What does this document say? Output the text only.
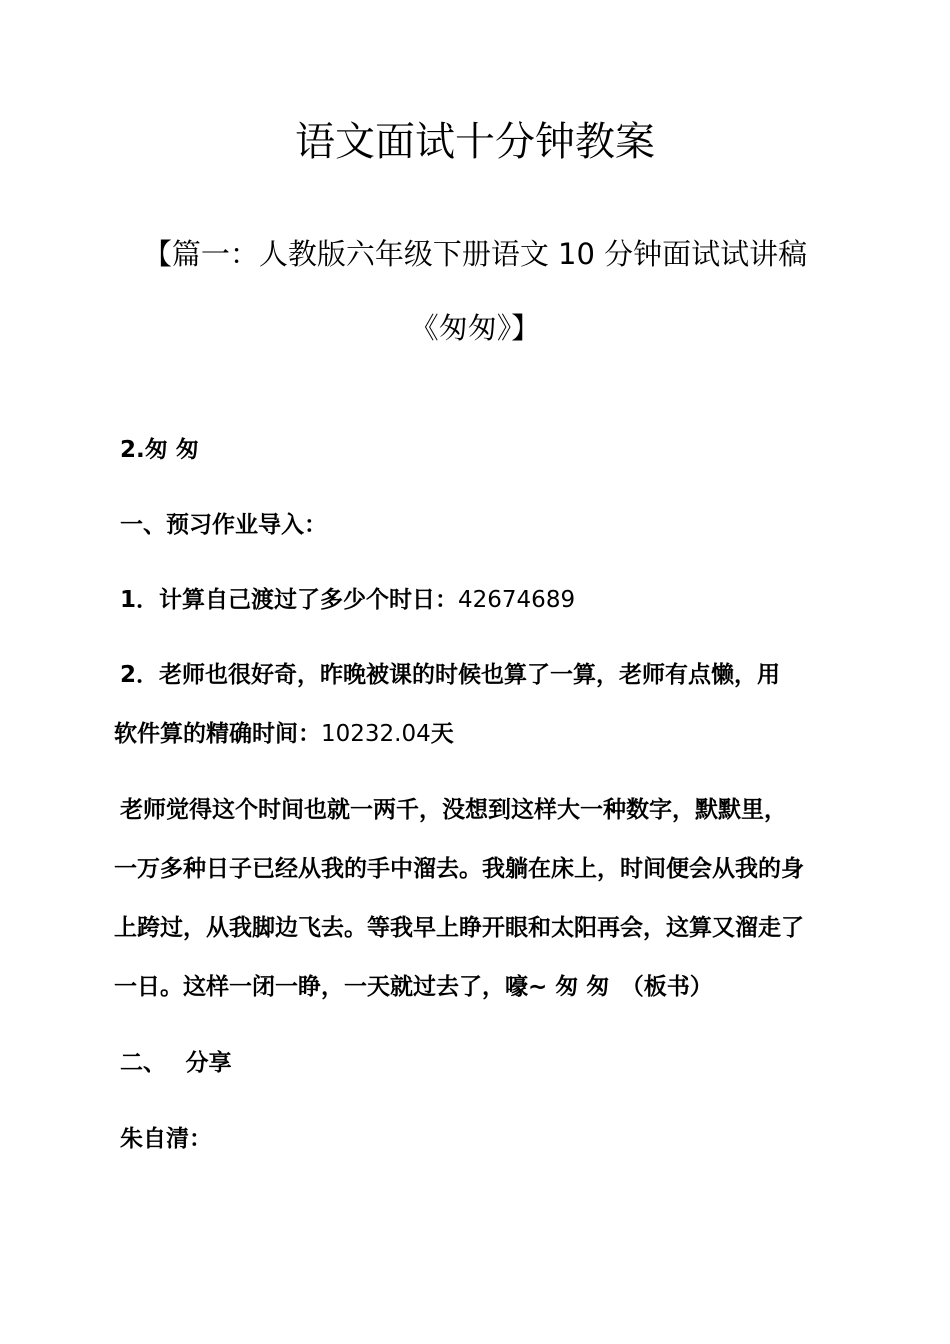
语文面试十分钟教案
【篇一：人教版六年级下册语文 10 分钟面试试讲稿
《匆匆》】
2.匆 匆
一、预习作业导入：
1．计算自己渡过了多少个时日：42674689
2．老师也很好奇，昨晚被课的时候也算了一算，老师有点懒，用
软件算的精确时间：10232.04天
老师觉得这个时间也就一两千，没想到这样大一种数字，默默里，
一万多种日子已经从我的手中溜去。我躺在床上，时间便会从我的身
上跨过，从我脚边飞去。等我早上睁开眼和太阳再会，这算又溜走了
一日。这样一闭一睁，一天就过去了，嚎~ 匆 匆　（板书）
二、　 分享
朱自清：
